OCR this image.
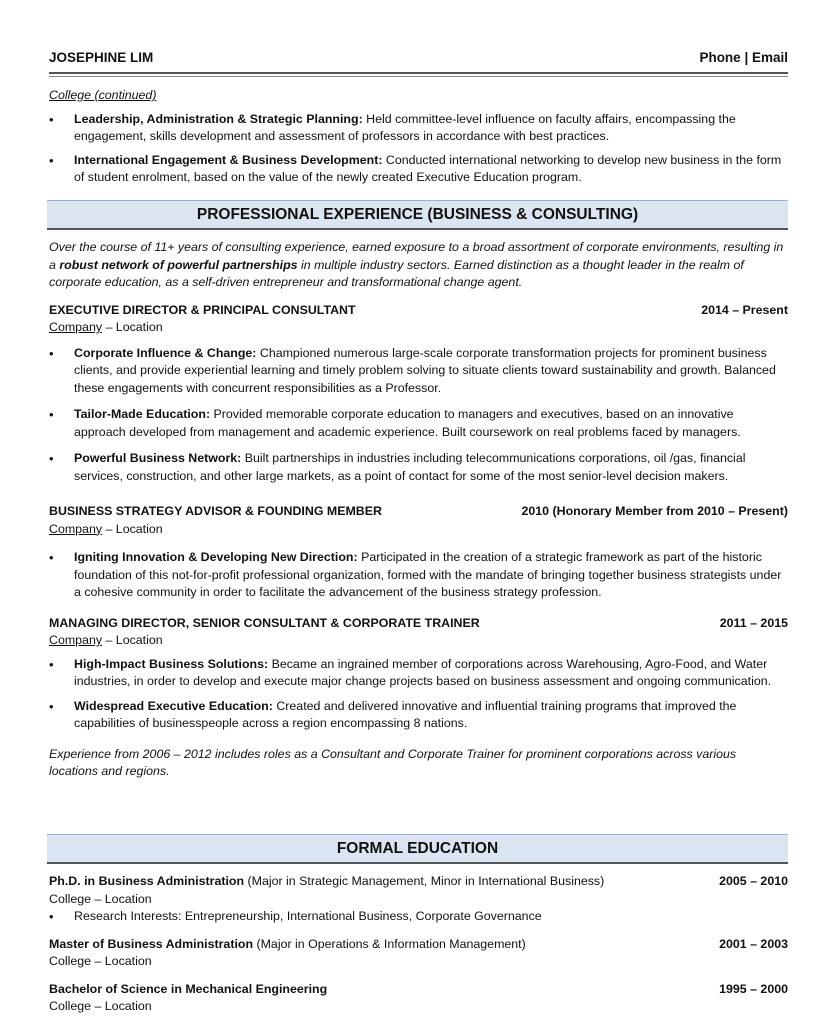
JOSEPHINE LIM	Phone | Email
College (continued)
• Leadership, Administration & Strategic Planning: Held committee-level influence on faculty affairs, encompassing the engagement, skills development and assessment of professors in accordance with best practices.
• International Engagement & Business Development: Conducted international networking to develop new business in the form of student enrolment, based on the value of the newly created Executive Education program.
PROFESSIONAL EXPERIENCE (BUSINESS & CONSULTING)
Over the course of 11+ years of consulting experience, earned exposure to a broad assortment of corporate environments, resulting in a robust network of powerful partnerships in multiple industry sectors. Earned distinction as a thought leader in the realm of corporate education, as a self-driven entrepreneur and transformational change agent.
EXECUTIVE DIRECTOR & PRINCIPAL CONSULTANT	2014 – Present
Company – Location
• Corporate Influence & Change: Championed numerous large-scale corporate transformation projects for prominent business clients, and provide experiential learning and timely problem solving to situate clients toward sustainability and growth. Balanced these engagements with concurrent responsibilities as a Professor.
• Tailor-Made Education: Provided memorable corporate education to managers and executives, based on an innovative approach developed from management and academic experience. Built coursework on real problems faced by managers.
• Powerful Business Network: Built partnerships in industries including telecommunications corporations, oil /gas, financial services, construction, and other large markets, as a point of contact for some of the most senior-level decision makers.
BUSINESS STRATEGY ADVISOR & FOUNDING MEMBER	2010 (Honorary Member from 2010 – Present)
Company – Location
• Igniting Innovation & Developing New Direction: Participated in the creation of a strategic framework as part of the historic foundation of this not-for-profit professional organization, formed with the mandate of bringing together business strategists under a cohesive community in order to facilitate the advancement of the business strategy profession.
MANAGING DIRECTOR, SENIOR CONSULTANT & CORPORATE TRAINER	2011 – 2015
Company – Location
• High-Impact Business Solutions: Became an ingrained member of corporations across Warehousing, Agro-Food, and Water industries, in order to develop and execute major change projects based on business assessment and ongoing communication.
• Widespread Executive Education: Created and delivered innovative and influential training programs that improved the capabilities of businesspeople across a region encompassing 8 nations.
Experience from 2006 – 2012 includes roles as a Consultant and Corporate Trainer for prominent corporations across various locations and regions.
FORMAL EDUCATION
Ph.D. in Business Administration (Major in Strategic Management, Minor in International Business)	2005 – 2010
College – Location
• Research Interests: Entrepreneurship, International Business, Corporate Governance
Master of Business Administration (Major in Operations & Information Management)	2001 – 2003
College – Location
Bachelor of Science in Mechanical Engineering	1995 – 2000
College – Location
